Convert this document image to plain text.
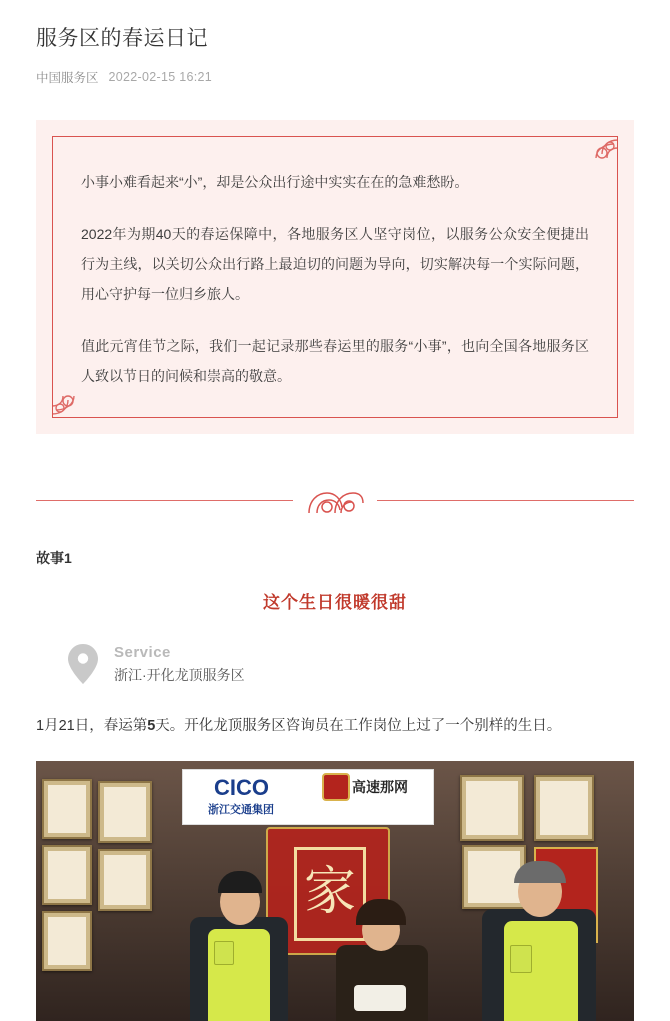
服务区的春运日记
中国服务区 2022-02-15 16:21

小事小难看起来“小”，却是公众出行途中实实在在的急难愁盼。

2022年为期40天的春运保障中，各地服务区人坚守岗位，以服务公众安全便捷出行为主线，以关切公众出行路上最迫切的问题为导向，切实解决每一个实际问题，用心守护每一位归乡旅人。

值此元宵佳节之际，我们一起记录那些春运里的服务“小事”，也向全国各地服务区人致以节日的问候和崇高的敬意。

故事1
这个生日很暖很甜
Service
浙江·开化龙顶服务区

1月21日，春运第5天。开化龙顶服务区咨询员在工作岗位上过了一个别样的生日。

CICO
浙江交通集团
高速那网
家
